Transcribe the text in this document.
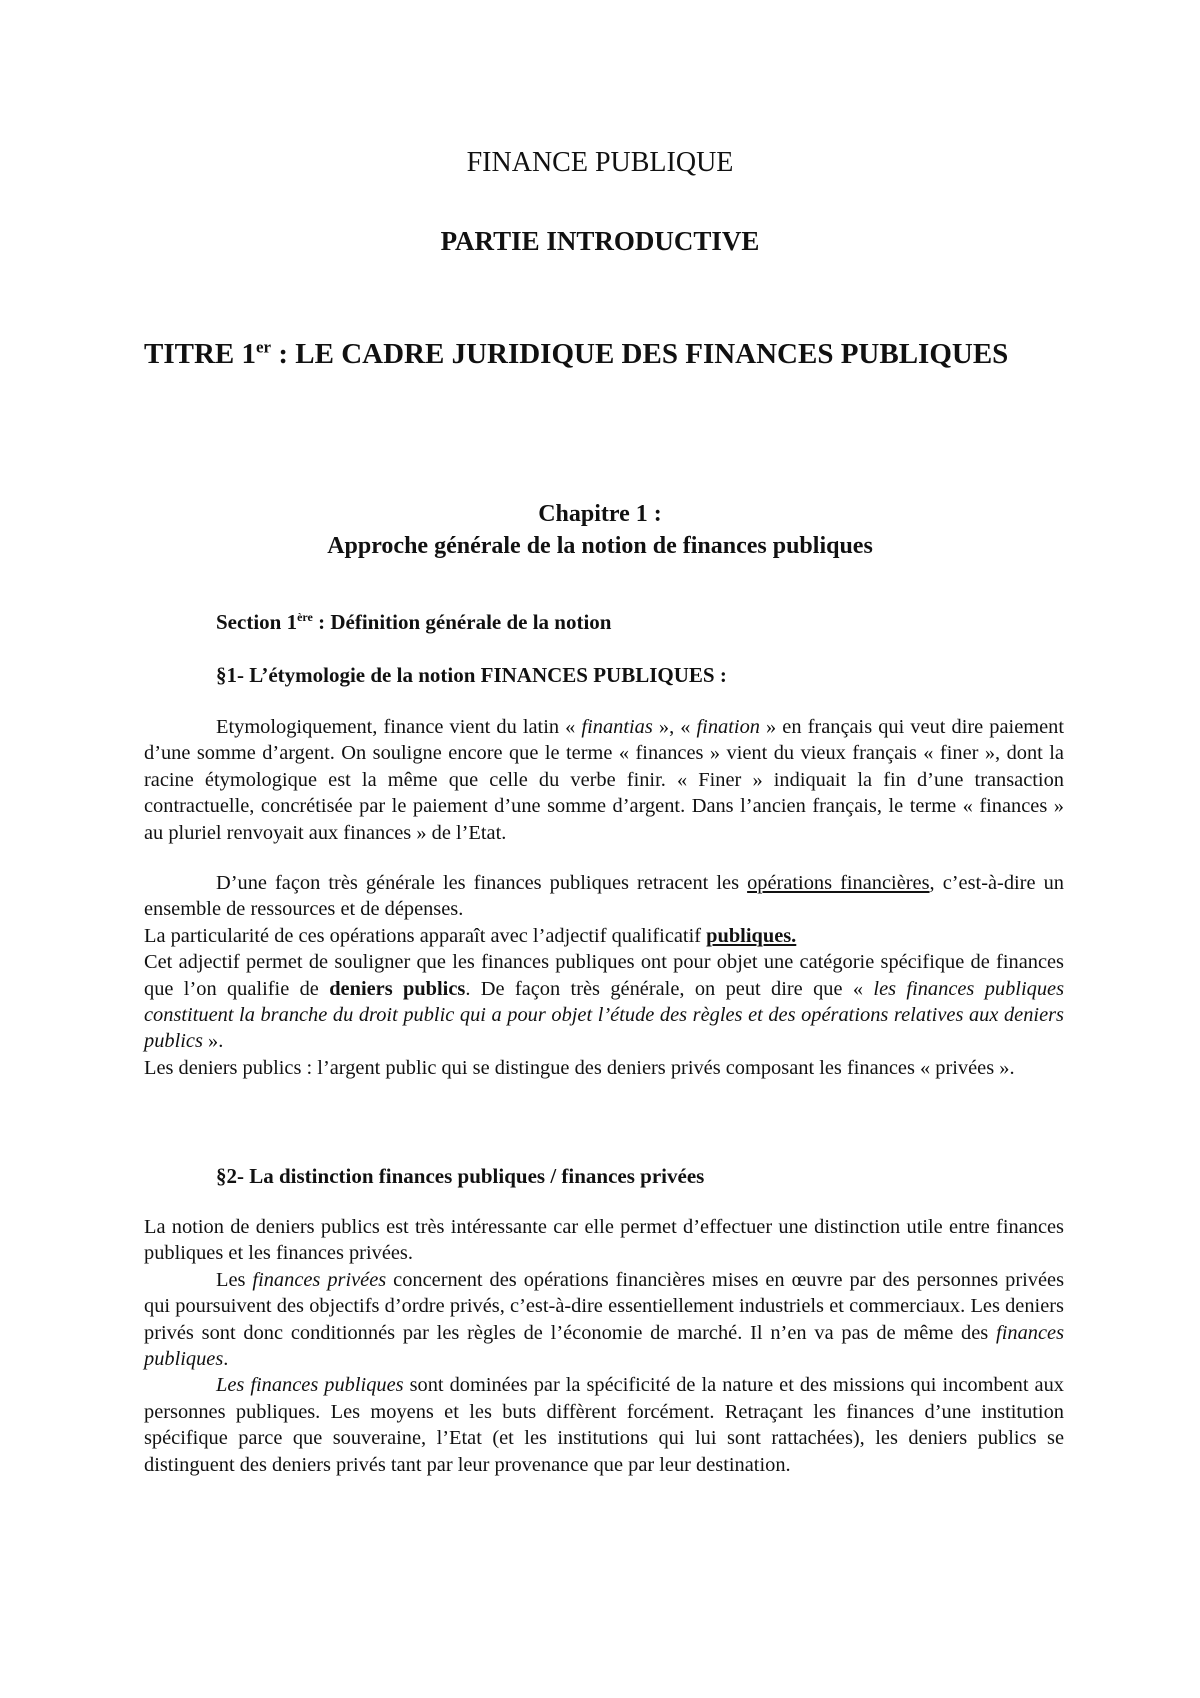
FINANCE PUBLIQUE
PARTIE INTRODUCTIVE
TITRE 1er : LE CADRE JURIDIQUE DES FINANCES PUBLIQUES
Chapitre 1 :
Approche générale de la notion de finances publiques
Section 1ère : Définition générale de la notion
§1- L’étymologie de la notion FINANCES PUBLIQUES :

Etymologiquement, finance vient du latin « finantias », « fination » en français qui veut dire paiement d’une somme d’argent. On souligne encore que le terme « finances » vient du vieux français « finer », dont la racine étymologique est la même que celle du verbe finir. « Finer » indiquait la fin d’une transaction contractuelle, concrétisée par le paiement d’une somme d’argent. Dans l’ancien français, le terme « finances » au pluriel renvoyait aux finances » de l’Etat.

D’une façon très générale les finances publiques retracent les opérations financières, c’est-à-dire un ensemble de ressources et de dépenses.

La particularité de ces opérations apparaît avec l’adjectif qualificatif publiques.

Cet adjectif permet de souligner que les finances publiques ont pour objet une catégorie spécifique de finances que l’on qualifie de deniers publics. De façon très générale, on peut dire que « les finances publiques constituent la branche du droit public qui a pour objet l’étude des règles et des opérations relatives aux deniers publics ».

Les deniers publics : l’argent public qui se distingue des deniers privés composant les finances « privées ».

§2- La distinction finances publiques / finances privées

La notion de deniers publics est très intéressante car elle permet d’effectuer une distinction utile entre finances publiques et les finances privées.

Les finances privées concernent des opérations financières mises en œuvre par des personnes privées qui poursuivent des objectifs d’ordre privés, c’est-à-dire essentiellement industriels et commerciaux. Les deniers privés sont donc conditionnés par les règles de l’économie de marché. Il n’en va pas de même des finances publiques.

Les finances publiques sont dominées par la spécificité de la nature et des missions qui incombent aux personnes publiques. Les moyens et les buts diffèrent forcément. Retraçant les finances d’une institution spécifique parce que souveraine, l’Etat (et les institutions qui lui sont rattachées), les deniers publics se distinguent des deniers privés tant par leur provenance que par leur destination.
